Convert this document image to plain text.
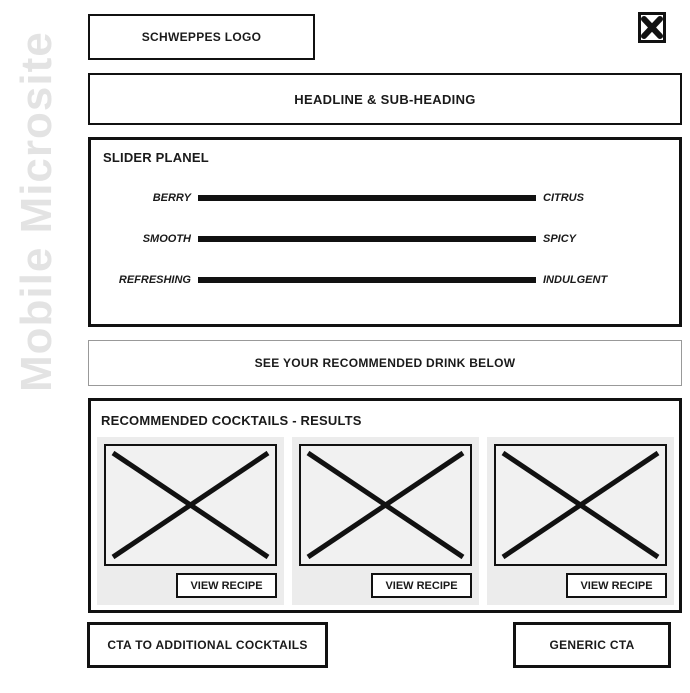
Mobile Microsite	SCHWEPPES LOGO
HEADLINE & SUB-HEADING
SLIDER PLANEL
BERRY	CITRUS
SMOOTH	SPICY
REFRESHING	INDULGENT
SEE YOUR RECOMMENDED DRINK BELOW
RECOMMENDED COCKTAILS - RESULTS
VIEW RECIPE	VIEW RECIPE	VIEW RECIPE
CTA TO ADDITIONAL COCKTAILS	GENERIC CTA
